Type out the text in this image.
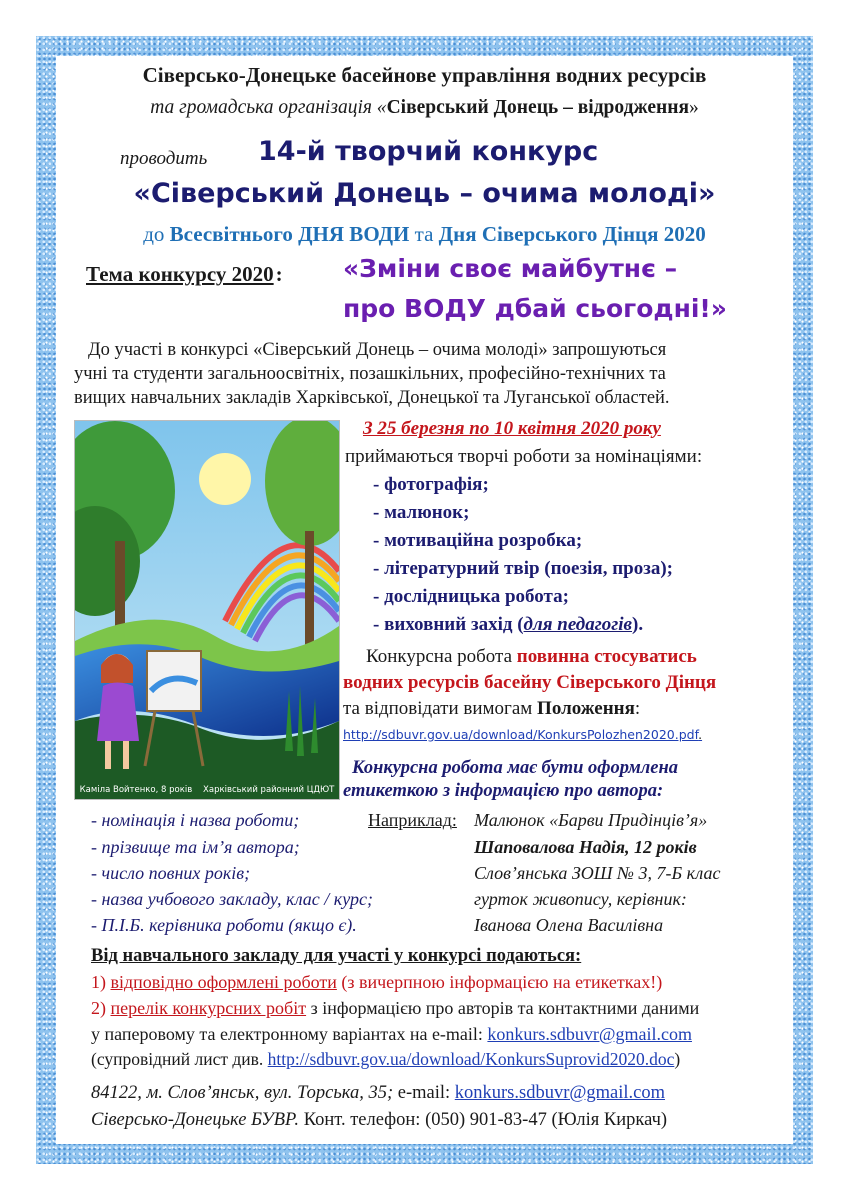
Сіверсько-Донецьке басейнове управління водних ресурсів
та громадська організація «Сіверський Донець – відродження»
проводить 14-й творчий конкурс
«Сіверський Донець – очима молоді»
до Всесвітнього ДНЯ ВОДИ та Дня Сіверського Дінця 2020
Тема конкурсу 2020: «Зміни своє майбутнє –
про ВОДУ дбай сьогодні!»
До участі в конкурсі «Сіверський Донець – очима молоді» запрошуються
учні та студенти загальноосвітніх, позашкільних, професійно-технічних та
вищих навчальних закладів Харківської, Донецької та Луганської областей.
Каміла Войтенко, 8 років Харківський районний ЦДЮТ
З 25 березня по 10 квітня 2020 року
приймаються творчі роботи за номінаціями:
- фотографія;
- малюнок;
- мотиваційна розробка;
- літературний твір (поезія, проза);
- дослідницька робота;
- виховний захід (для педагогів).
Конкурсна робота повинна стосуватись
водних ресурсів басейну Сіверського Дінця
та відповідати вимогам Положення:
http://sdbuvr.gov.ua/download/KonkursPolozhen2020.pdf.
Конкурсна робота має бути оформлена
етикеткою з інформацією про автора:
- номінація і назва роботи;
- прізвище та ім’я автора;
- число повних років;
- назва учбового закладу, клас / курс;
- П.І.Б. керівника роботи (якщо є).
Наприклад: Малюнок «Барви Придінців’я»
Шаповалова Надія, 12 років
Слов’янська ЗОШ № 3, 7-Б клас
гурток живопису, керівник:
Іванова Олена Василівна
Від навчального закладу для участі у конкурсі подаються:
1) відповідно оформлені роботи (з вичерпною інформацією на етикетках!)
2) перелік конкурсних робіт з інформацією про авторів та контактними даними
у паперовому та електронному варіантах на e-mail: konkurs.sdbuvr@gmail.com
(супровідний лист див. http://sdbuvr.gov.ua/download/KonkursSuprovid2020.doc)
84122, м. Слов’янськ, вул. Торська, 35; e-mail: konkurs.sdbuvr@gmail.com
Сіверсько-Донецьке БУВР. Конт. телефон: (050) 901-83-47 (Юлія Киркач)
